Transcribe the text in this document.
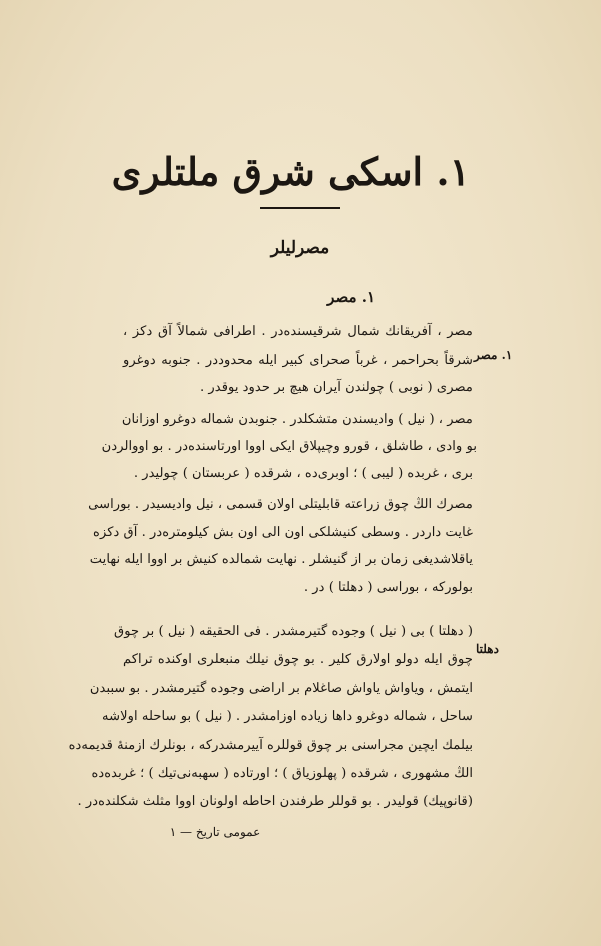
١. اسكى شرق ملتلرى
مصرلیلر
١. مصر
١. مصر
دهلتا
مصر ، آفریقانك شمال شرقیسنده‌در . اطرافی شمالاً آق دكز ،
شرقاً بحراحمر ، غرباً صحرای كبیر ایله محدوددر . جنوبه دوغرو
مصری ( نوبی ) چولندن آیران هیچ بر حدود یوقدر .
مصر ، ( نیل ) وادیسندن متشكلدر . جنوبدن شماله دوغرو اوزانان
بو وادی ، طاشلق ، قورو وچیپلاق ایكی اووا اورتاسنده‌در . بو اووالردن
بری ، غربده ( لیبی ) ؛ اوبرى‌ده ، شرقده ( عربستان ) چولیدر .
مصرك الڭ چوق زراعته قابلیتلی اولان قسمی ، نیل وادیسیدر . بوراسی
غایت داردر . وسطی كنیشلكی اون الی اون بش كیلومتره‌در . آق دكزه
یاقلاشدیغی زمان بر از گنیشلر . نهایت شمالده كنیش بر اووا ایله نهایت
بولوركه ، بوراسی ( دهلتا ) در .
( دهلتا ) بی ( نیل ) وجوده گتیرمشدر . فی الحقیقه ( نیل ) بر چوق
چوق ایله دولو اولارق كلیر . بو چوق نیلك منبعلری اوكنده تراكم
ایتمش ، ویاواش یاواش صاغلام بر اراضی وجوده گتیرمشدر . بو سببدن
ساحل ، شماله دوغرو داها زیاده اوزامشدر . ( نیل ) بو ساحله اولاشه
بیلمك ایچین مجراسنی بر چوق قوللره آییرمشدركه ، بونلرك ازمنهٔ قدیمه‌ده
الڭ مشهوری ، شرقده ( پهلوزیاق ) ؛ اورتاده ( سهبه‌نی‌تیك ) ؛ غربده‌ده
(قانوپیك) قولیدر . بو قوللر طرفندن احاطه اولونان اووا مثلث شكلنده‌در .
عمومی تاریخ — ١
